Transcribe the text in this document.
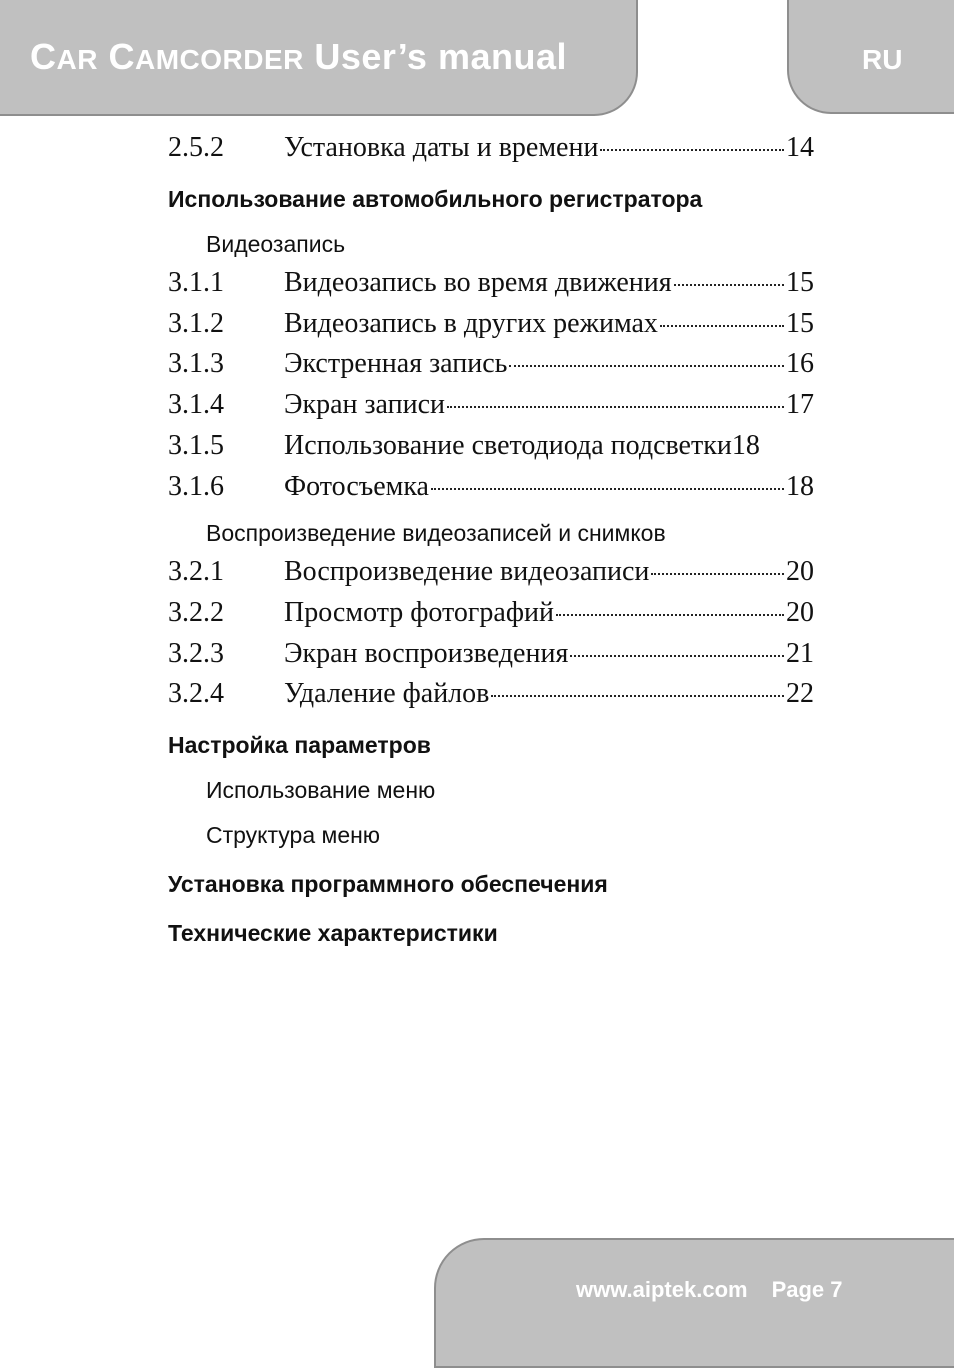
CAR CAMCORDER User’s manual	RU
2.5.2 Установка даты и времени	14
Использование автомобильного регистратора
Видеозапись
3.1.1 Видеозапись во время движения	15
3.1.2 Видеозапись в других режимах	15
3.1.3 Экстренная запись	16
3.1.4 Экран записи	17
3.1.5 Использование светодиода подсветки 18
3.1.6 Фотосъемка	18
Воспроизведение видеозаписей и снимков
3.2.1 Воспроизведение видеозаписи	20
3.2.2 Просмотр фотографий	20
3.2.3 Экран воспроизведения	21
3.2.4 Удаление файлов	22
Настройка параметров
Использование меню
Структура меню
Установка программного обеспечения
Технические характеристики
www.aiptek.com Page 7
